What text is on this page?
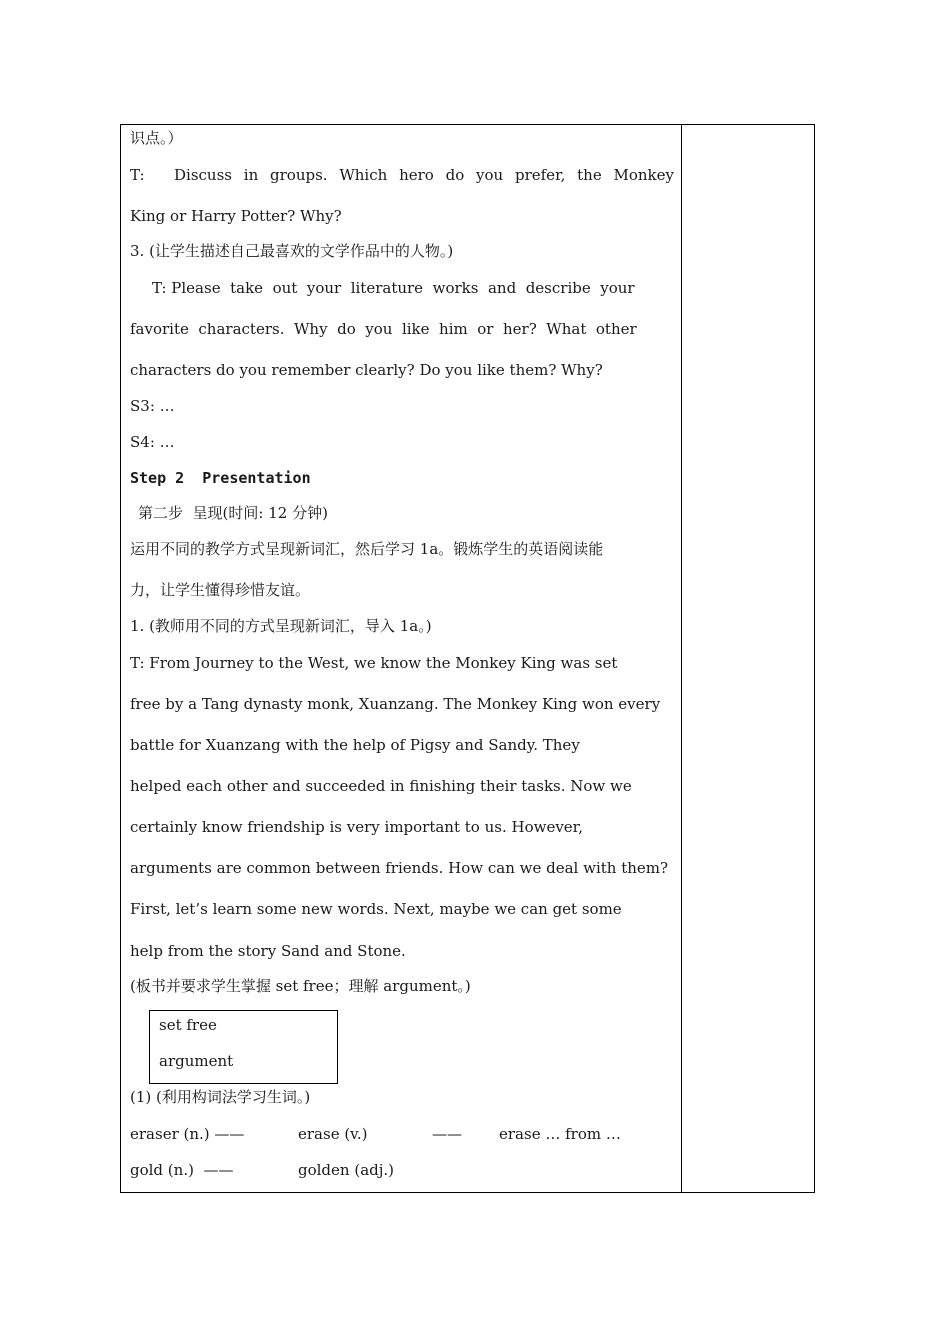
识点。）
T:     Discuss  in  groups.  Which  hero  do  you  prefer,  the  Monkey
King or Harry Potter? Why?
3. (让学生描述自己最喜欢的文学作品中的人物。)
T: Please  take  out  your  literature  works  and  describe  your
favorite  characters.  Why  do  you  like  him  or  her?  What  other
characters do you remember clearly? Do you like them? Why?
S3: …
S4: …
Step 2  Presentation
第二步  呈现(时间: 12 分钟)
运用不同的教学方式呈现新词汇，然后学习 1a。锻炼学生的英语阅读能
力，让学生懂得珍惜友谊。
1. (教师用不同的方式呈现新词汇，导入 1a。)
T: From Journey to the West, we know the Monkey King was set
free by a Tang dynasty monk, Xuanzang. The Monkey King won every
battle for Xuanzang with the help of Pigsy and Sandy. They
helped each other and succeeded in finishing their tasks. Now we
certainly know friendship is very important to us. However,
arguments are common between friends. How can we deal with them?
First, let’s learn some new words. Next, maybe we can get some
help from the story Sand and Stone.
(板书并要求学生掌握 set free；理解 argument。)
set free
argument
(1) (利用构词法学习生词。)
eraser (n.) ——	erase (v.)	—— erase … from …
gold (n.)  ——	golden (adj.)
